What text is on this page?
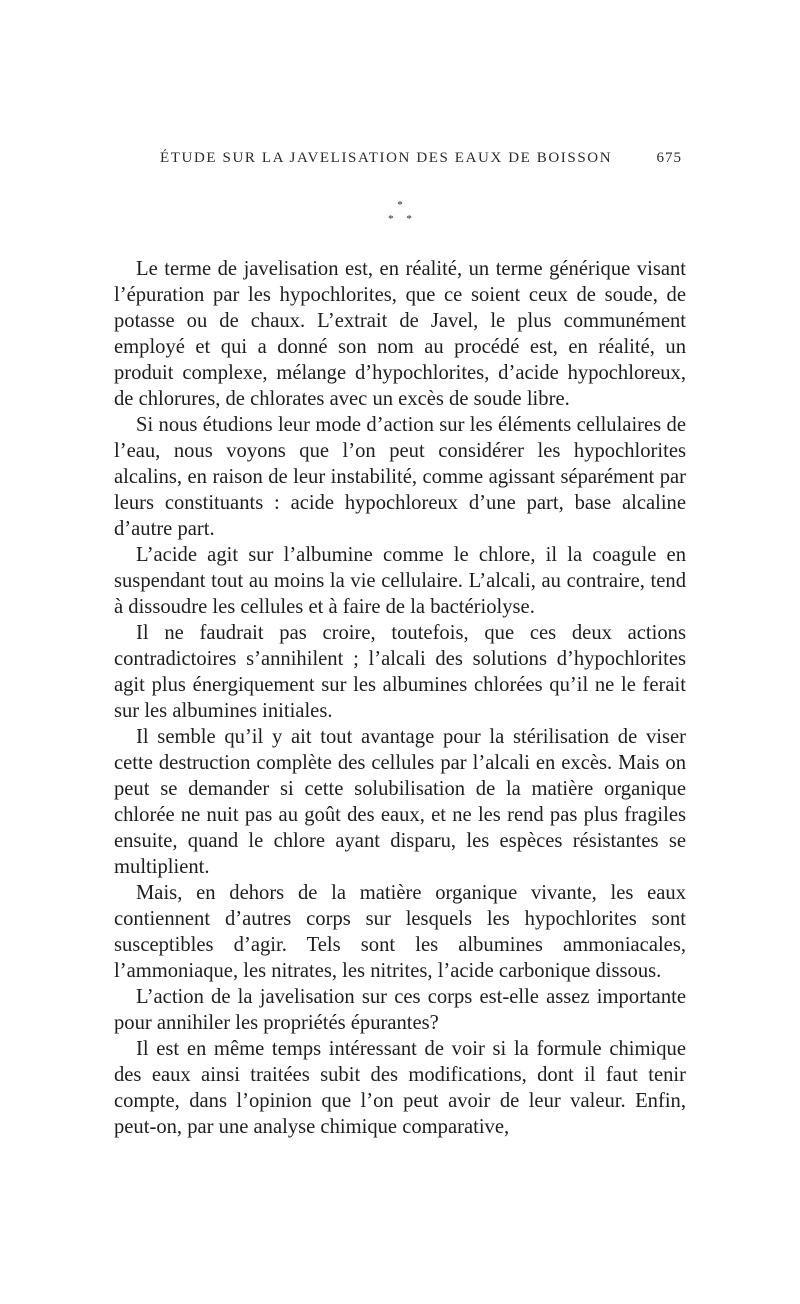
ÉTUDE SUR LA JAVELISATION DES EAUX DE BOISSON	675
*
* *

Le terme de javelisation est, en réalité, un terme générique visant l’épuration par les hypochlorites, que ce soient ceux de soude, de potasse ou de chaux. L’extrait de Javel, le plus communément employé et qui a donné son nom au procédé est, en réalité, un produit complexe, mélange d’hypochlorites, d’acide hypochloreux, de chlorures, de chlorates avec un excès de soude libre.

Si nous étudions leur mode d’action sur les éléments cellulaires de l’eau, nous voyons que l’on peut considérer les hypochlorites alcalins, en raison de leur instabilité, comme agissant séparément par leurs constituants : acide hypochloreux d’une part, base alcaline d’autre part.

L’acide agit sur l’albumine comme le chlore, il la coagule en suspendant tout au moins la vie cellulaire. L’alcali, au contraire, tend à dissoudre les cellules et à faire de la bactériolyse.

Il ne faudrait pas croire, toutefois, que ces deux actions contradictoires s’annihilent ; l’alcali des solutions d’hypochlorites agit plus énergiquement sur les albumines chlorées qu’il ne le ferait sur les albumines initiales.

Il semble qu’il y ait tout avantage pour la stérilisation de viser cette destruction complète des cellules par l’alcali en excès. Mais on peut se demander si cette solubilisation de la matière organique chlorée ne nuit pas au goût des eaux, et ne les rend pas plus fragiles ensuite, quand le chlore ayant disparu, les espèces résistantes se multiplient.

Mais, en dehors de la matière organique vivante, les eaux contiennent d’autres corps sur lesquels les hypochlorites sont susceptibles d’agir. Tels sont les albumines ammoniacales, l’ammoniaque, les nitrates, les nitrites, l’acide carbonique dissous.

L’action de la javelisation sur ces corps est-elle assez importante pour annihiler les propriétés épurantes?

Il est en même temps intéressant de voir si la formule chimique des eaux ainsi traitées subit des modifications, dont il faut tenir compte, dans l’opinion que l’on peut avoir de leur valeur. Enfin, peut-on, par une analyse chimique comparative,
